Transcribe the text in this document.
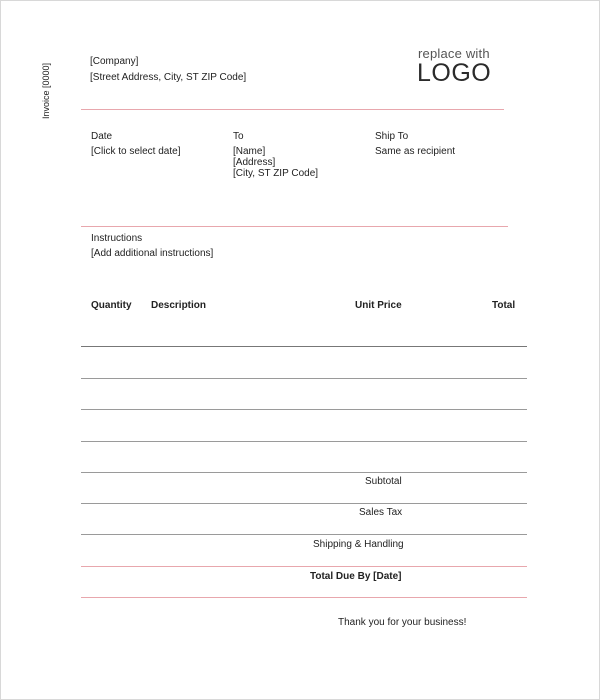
Invoice [0000]
[Company]
[Street Address, City, ST ZIP Code]
replace with
LOGO
Date
[Click to select date]
To
[Name]
[Address]
[City, ST ZIP Code]
Ship To
Same as recipient
Instructions
[Add additional instructions]
Quantity Description	Unit Price	Total
Subtotal
Sales Tax
Shipping & Handling
Total Due By [Date]
Thank you for your business!
